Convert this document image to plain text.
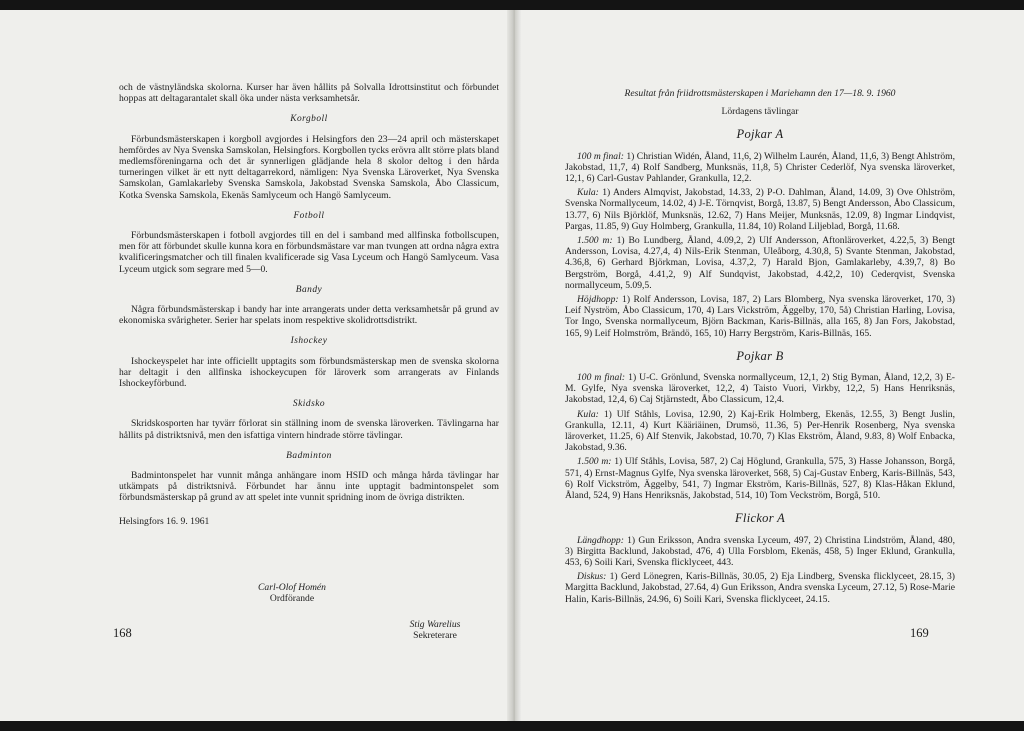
och de västnyländska skolorna. Kurser har även hållits på Solvalla Idrottsinstitut och förbundet hoppas att deltagarantalet skall öka under nästa verksamhetsår.

Korgboll

Förbundsmästerskapen i korgboll avgjordes i Helsingfors den 23—24 april och mästerskapet hemfördes av Nya Svenska Samskolan, Helsingfors. Korgbollen tycks erövra allt större plats bland medlemsföreningarna och det är synnerligen glädjande hela 8 skolor deltog i den hårda turneringen vilket är ett nytt deltagarrekord, nämligen: Nya Svenska Läroverket, Nya Svenska Samskolan, Gamlakarleby Svenska Samskola, Jakobstad Svenska Samskola, Åbo Classicum, Kotka Svenska Samskola, Ekenäs Samlyceum och Hangö Samlyceum.

Fotboll

Förbundsmästerskapen i fotboll avgjordes till en del i samband med allfinska fotbollscupen, men för att förbundet skulle kunna kora en förbundsmästare var man tvungen att ordna några extra kvalificeringsmatcher och till finalen kvalificerade sig Vasa Lyceum och Hangö Samlyceum. Vasa Lyceum utgick som segrare med 5—0.

Bandy

Några förbundsmästerskap i bandy har inte arrangerats under detta verksamhetsår på grund av ekonomiska svårigheter. Serier har spelats inom respektive skolidrottsdistrikt.

Ishockey

Ishockeyspelet har inte officiellt upptagits som förbundsmästerskap men de svenska skolorna har deltagit i den allfinska ishockeycupen för läroverk som arrangerats av Finlands Ishockeyförbund.

Skidsko

Skridskosporten har tyvärr förlorat sin ställning inom de svenska läroverken. Tävlingarna har hållits på distriktsnivå, men den isfattiga vintern hindrade större tävlingar.

Badminton

Badmintonspelet har vunnit många anhängare inom HSID och många hårda tävlingar har utkämpats på distriktsnivå. Förbundet har ännu inte upptagit badmintonspelet som förbundsmästerskap på grund av att spelet inte vunnit spridning inom de övriga distrikten.

Helsingfors 16. 9. 1961

Carl-Olof Homén
Ordförande
Stig Warelius
Sekreterare
168
Resultat från friidrottsmästerskapen i Mariehamn den 17—18. 9. 1960
Lördagens tävlingar
Pojkar A

100 m final: 1) Christian Widén, Åland, 11,6, 2) Wilhelm Laurén, Åland, 11,6, 3) Bengt Ahlström, Jakobstad, 11,7, 4) Rolf Sandberg, Munksnäs, 11,8, 5) Christer Cederlöf, Nya svenska läroverket, 12,1, 6) Carl-Gustav Pahlander, Grankulla, 12,2.

Kula: 1) Anders Almqvist, Jakobstad, 14.33, 2) P-O. Dahlman, Åland, 14.09, 3) Ove Ohlström, Svenska Normallyceum, 14.02, 4) J-E. Törnqvist, Borgå, 13.87, 5) Bengt Andersson, Åbo Classicum, 13.77, 6) Nils Björklöf, Munksnäs, 12.62, 7) Hans Meijer, Munksnäs, 12.09, 8) Ingmar Lindqvist, Pargas, 11.85, 9) Guy Holmberg, Grankulla, 11.84, 10) Roland Liljeblad, Borgå, 11.68.

1.500 m: 1) Bo Lundberg, Åland, 4.09,2, 2) Ulf Andersson, Aftonläroverket, 4.22,5, 3) Bengt Andersson, Lovisa, 4.27,4, 4) Nils-Erik Stenman, Uleåborg, 4.30,8, 5) Svante Stenman, Jakobstad, 4.36,8, 6) Gerhard Björkman, Lovisa, 4.37,2, 7) Harald Bjon, Gamlakarleby, 4.39,7, 8) Bo Bergström, Borgå, 4.41,2, 9) Alf Sundqvist, Jakobstad, 4.42,2, 10) Cederqvist, Svenska normallyceum, 5.09,5.

Höjdhopp: 1) Rolf Andersson, Lovisa, 187, 2) Lars Blomberg, Nya svenska läroverket, 170, 3) Leif Nyström, Åbo Classicum, 170, 4) Lars Vickström, Äggelby, 170, 5å) Christian Harling, Lovisa, Tor Ingo, Svenska normallyceum, Björn Backman, Karis-Billnäs, alla 165, 8) Jan Fors, Jakobstad, 165, 9) Leif Holmström, Brändö, 165, 10) Harry Bergström, Karis-Billnäs, 165.

Pojkar B

100 m final: 1) U-C. Grönlund, Svenska normallyceum, 12,1, 2) Stig Byman, Åland, 12,2, 3) E-M. Gylfe, Nya svenska läroverket, 12,2, 4) Taisto Vuori, Virkby, 12,2, 5) Hans Henriksnäs, Jakobstad, 12,4, 6) Caj Stjärnstedt, Åbo Classicum, 12,4.

Kula: 1) Ulf Ståhls, Lovisa, 12.90, 2) Kaj-Erik Holmberg, Ekenäs, 12.55, 3) Bengt Juslin, Grankulla, 12.11, 4) Kurt Kääriäinen, Drumsö, 11.36, 5) Per-Henrik Rosenberg, Nya svenska läroverket, 11.25, 6) Alf Stenvik, Jakobstad, 10.70, 7) Klas Ekström, Åland, 9.83, 8) Wolf Enbacka, Jakobstad, 9.36.

1.500 m: 1) Ulf Ståhls, Lovisa, 587, 2) Caj Höglund, Grankulla, 575, 3) Hasse Johansson, Borgå, 571, 4) Ernst-Magnus Gylfe, Nya svenska läroverket, 568, 5) Caj-Gustav Enberg, Karis-Billnäs, 543, 6) Rolf Vickström, Äggelby, 541, 7) Ingmar Ekström, Karis-Billnäs, 527, 8) Klas-Håkan Eklund, Åland, 524, 9) Hans Henriksnäs, Jakobstad, 514, 10) Tom Veckström, Borgå, 510.

Flickor A

Längdhopp: 1) Gun Eriksson, Andra svenska Lyceum, 497, 2) Christina Lindström, Åland, 480, 3) Birgitta Backlund, Jakobstad, 476, 4) Ulla Forsblom, Ekenäs, 458, 5) Inger Eklund, Grankulla, 453, 6) Soili Kari, Svenska flicklyceet, 443.

Diskus: 1) Gerd Lönegren, Karis-Billnäs, 30.05, 2) Eja Lindberg, Svenska flicklyceet, 28.15, 3) Margitta Backlund, Jakobstad, 27.64, 4) Gun Eriksson, Andra svenska Lyceum, 27.12, 5) Rose-Marie Halin, Karis-Billnäs, 24.96, 6) Soili Kari, Svenska flicklyceet, 24.15.

169
